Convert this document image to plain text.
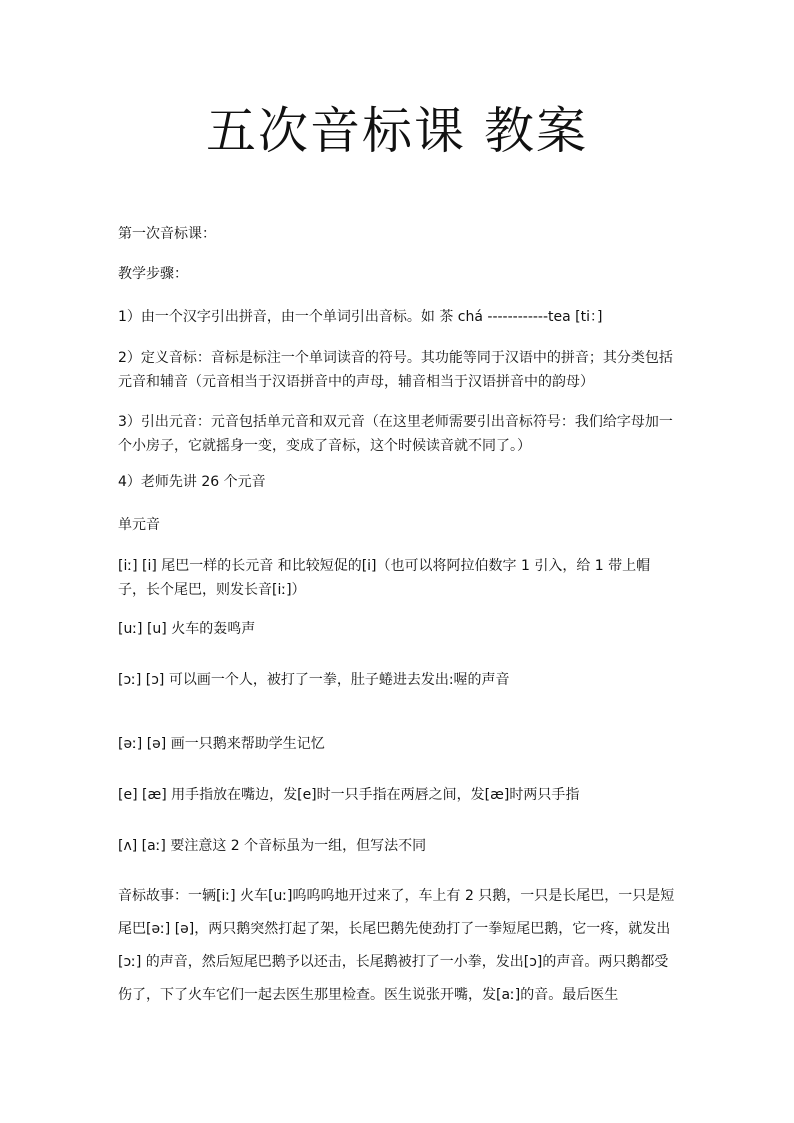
五次音标课 教案

第一次音标课：

教学步骤：

1）由一个汉字引出拼音，由一个单词引出音标。如 茶 chá ------------tea [ti：]

2）定义音标：音标是标注一个单词读音的符号。其功能等同于汉语中的拼音；其分类包括元音和辅音（元音相当于汉语拼音中的声母，辅音相当于汉语拼音中的韵母）

3）引出元音：元音包括单元音和双元音（在这里老师需要引出音标符号：我们给字母加一个小房子，它就摇身一变，变成了音标，这个时候读音就不同了。）

4）老师先讲 26 个元音

单元音

[iː] [i] 尾巴一样的长元音 和比较短促的[i]（也可以将阿拉伯数字 1 引入，给 1 带上帽子，长个尾巴，则发长音[iː]）

[uː] [u] 火车的轰鸣声

[ɔː] [ɔ] 可以画一个人，被打了一拳，肚子蜷进去发出:喔的声音

[əː] [ə] 画一只鹅来帮助学生记忆

[e] [æ] 用手指放在嘴边，发[e]时一只手指在两唇之间，发[æ]时两只手指

[ʌ] [aː] 要注意这 2 个音标虽为一组，但写法不同

音标故事：一辆[iː] 火车[uː]呜呜呜地开过来了，车上有 2 只鹅，一只是长尾巴，一只是短尾巴[əː] [ə]，两只鹅突然打起了架，长尾巴鹅先使劲打了一拳短尾巴鹅，它一疼，就发出[ɔː] 的声音，然后短尾巴鹅予以还击，长尾鹅被打了一小拳，发出[ɔ]的声音。两只鹅都受伤了，下了火车它们一起去医生那里检查。医生说张开嘴，发[aː]的音。最后医生
